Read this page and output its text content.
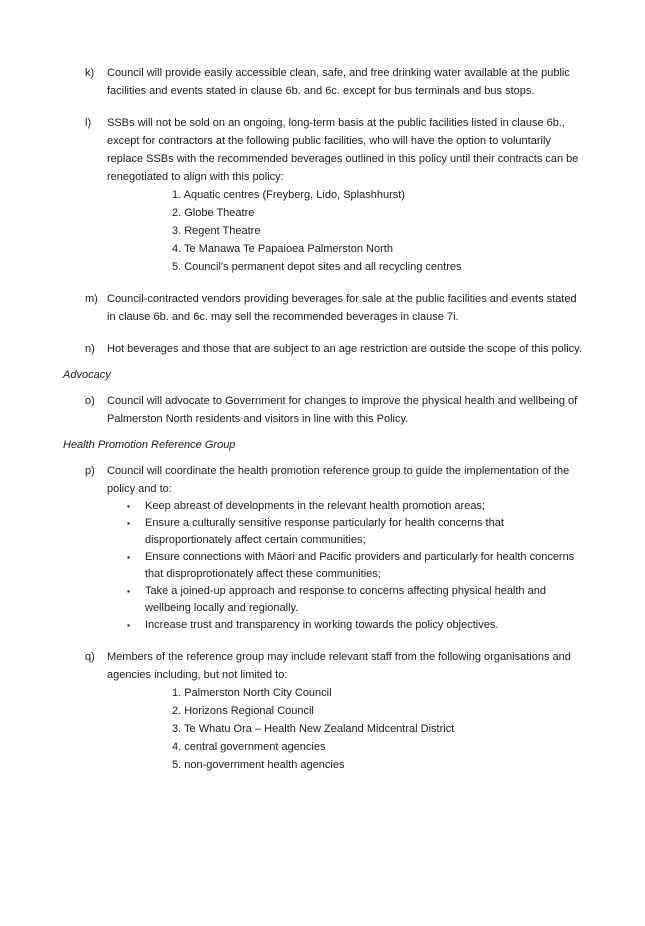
k)	Council will provide easily accessible clean, safe, and free drinking water available at the public facilities and events stated in clause 6b. and 6c. except for bus terminals and bus stops.
l)	SSBs will not be sold on an ongoing, long-term basis at the public facilities listed in clause 6b., except for contractors at the following public facilities, who will have the option to voluntarily replace SSBs with the recommended beverages outlined in this policy until their contracts can be renegotiated to align with this policy:
1. Aquatic centres (Freyberg, Lido, Splashhurst)
2. Globe Theatre
3. Regent Theatre
4. Te Manawa Te Papaioea Palmerston North
5. Council's permanent depot sites and all recycling centres
m) Council-contracted vendors providing beverages for sale at the public facilities and events stated in clause 6b. and 6c. may sell the recommended beverages in clause 7i.
n)	Hot beverages and those that are subject to an age restriction are outside the scope of this policy.
Advocacy
o)	Council will advocate to Government for changes to improve the physical health and wellbeing of Palmerston North residents and visitors in line with this Policy.
Health Promotion Reference Group
p)	Council will coordinate the health promotion reference group to guide the implementation of the policy and to:
▪	Keep abreast of developments in the relevant health promotion areas;
▪	Ensure a culturally sensitive response particularly for health concerns that disproportionately affect certain communities;
▪	Ensure connections with Māori and Pacific providers and particularly for health concerns that disproprotionately affect these communities;
▪	Take a joined-up approach and response to concerns affecting physical health and wellbeing locally and regionally.
▪	Increase trust and transparency in working towards the policy objectives.
q)	Members of the reference group may include relevant staff from the following organisations and agencies including, but not limited to:
1. Palmerston North City Council
2. Horizons Regional Council
3. Te Whatu Ora – Health New Zealand Midcentral District
4. central government agencies
5. non-government health agencies
